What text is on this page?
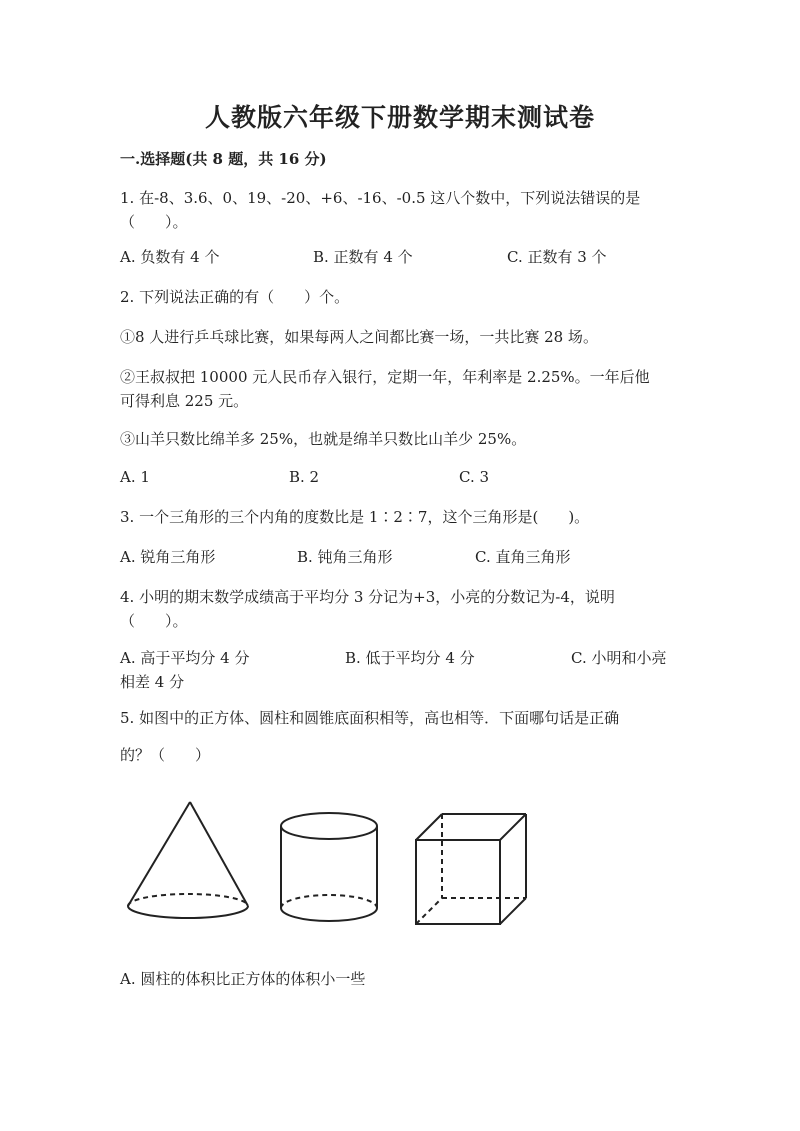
人教版六年级下册数学期末测试卷
一.选择题(共 8 题，共 16 分)
1. 在-8、3.6、0、19、-20、+6、-16、-0.5 这八个数中，下列说法错误的是
（　　）。
A. 负数有 4 个	B. 正数有 4 个	C. 正数有 3 个
2. 下列说法正确的有（　　）个。
①8 人进行乒乓球比赛，如果每两人之间都比赛一场，一共比赛 28 场。
②王叔叔把 10000 元人民币存入银行，定期一年，年利率是 2.25%。一年后他
可得利息 225 元。
③山羊只数比绵羊多 25%，也就是绵羊只数比山羊少 25%。
A. 1	B. 2	C. 3
3. 一个三角形的三个内角的度数比是 1∶2∶7，这个三角形是(　　)。
A. 锐角三角形	B. 钝角三角形	C. 直角三角形
4. 小明的期末数学成绩高于平均分 3 分记为+3，小亮的分数记为-4，说明
（　　）。
A. 高于平均分 4 分	B. 低于平均分 4 分	C. 小明和小亮
相差 4 分
5. 如图中的正方体、圆柱和圆锥底面积相等，高也相等．下面哪句话是正确
的？（　　）
A. 圆柱的体积比正方体的体积小一些
